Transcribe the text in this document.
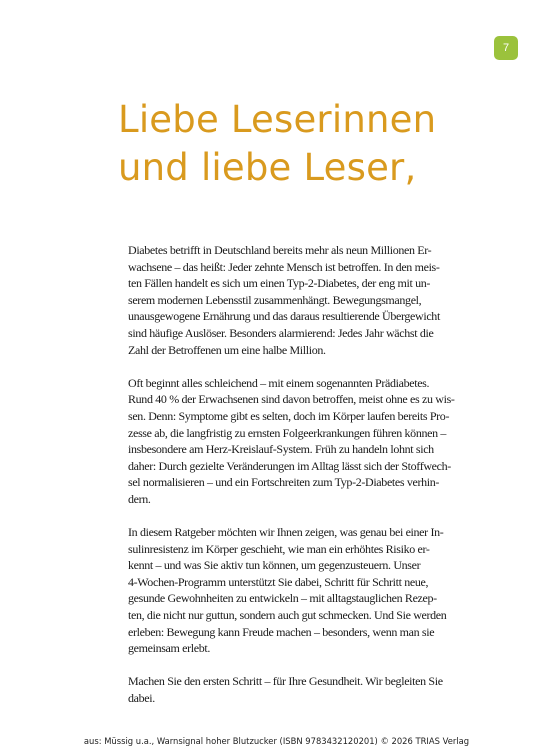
7
Liebe Leserinnen
und liebe Leser,

Diabetes betrifft in Deutschland bereits mehr als neun Millionen Er-
wachsene – das heißt: Jeder zehnte Mensch ist betroffen. In den meis-
ten Fällen handelt es sich um einen Typ-2-Diabetes, der eng mit un-
serem modernen Lebensstil zusammenhängt. Bewegungsmangel,
unausgewogene Ernährung und das daraus resultierende Übergewicht
sind häufige Auslöser. Besonders alarmierend: Jedes Jahr wächst die
Zahl der Betroffenen um eine halbe Million.

Oft beginnt alles schleichend – mit einem sogenannten Prädiabetes.
Rund 40 % der Erwachsenen sind davon betroffen, meist ohne es zu wis-
sen. Denn: Symptome gibt es selten, doch im Körper laufen bereits Pro-
zesse ab, die langfristig zu ernsten Folgeerkrankungen führen können –
insbesondere am Herz-Kreislauf-System. Früh zu handeln lohnt sich
daher: Durch gezielte Veränderungen im Alltag lässt sich der Stoffwech-
sel normalisieren – und ein Fortschreiten zum Typ-2-Diabetes verhin-
dern.

In diesem Ratgeber möchten wir Ihnen zeigen, was genau bei einer In-
sulinresistenz im Körper geschieht, wie man ein erhöhtes Risiko er-
kennt – und was Sie aktiv tun können, um gegenzusteuern. Unser
4-Wochen-Programm unterstützt Sie dabei, Schritt für Schritt neue,
gesunde Gewohnheiten zu entwickeln – mit alltagstauglichen Rezep-
ten, die nicht nur guttun, sondern auch gut schmecken. Und Sie werden
erleben: Bewegung kann Freude machen – besonders, wenn man sie
gemeinsam erlebt.

Machen Sie den ersten Schritt – für Ihre Gesundheit. Wir begleiten Sie
dabei.

aus: Müssig u.a., Warnsignal hoher Blutzucker (ISBN 9783432120201) © 2026 TRIAS Verlag
